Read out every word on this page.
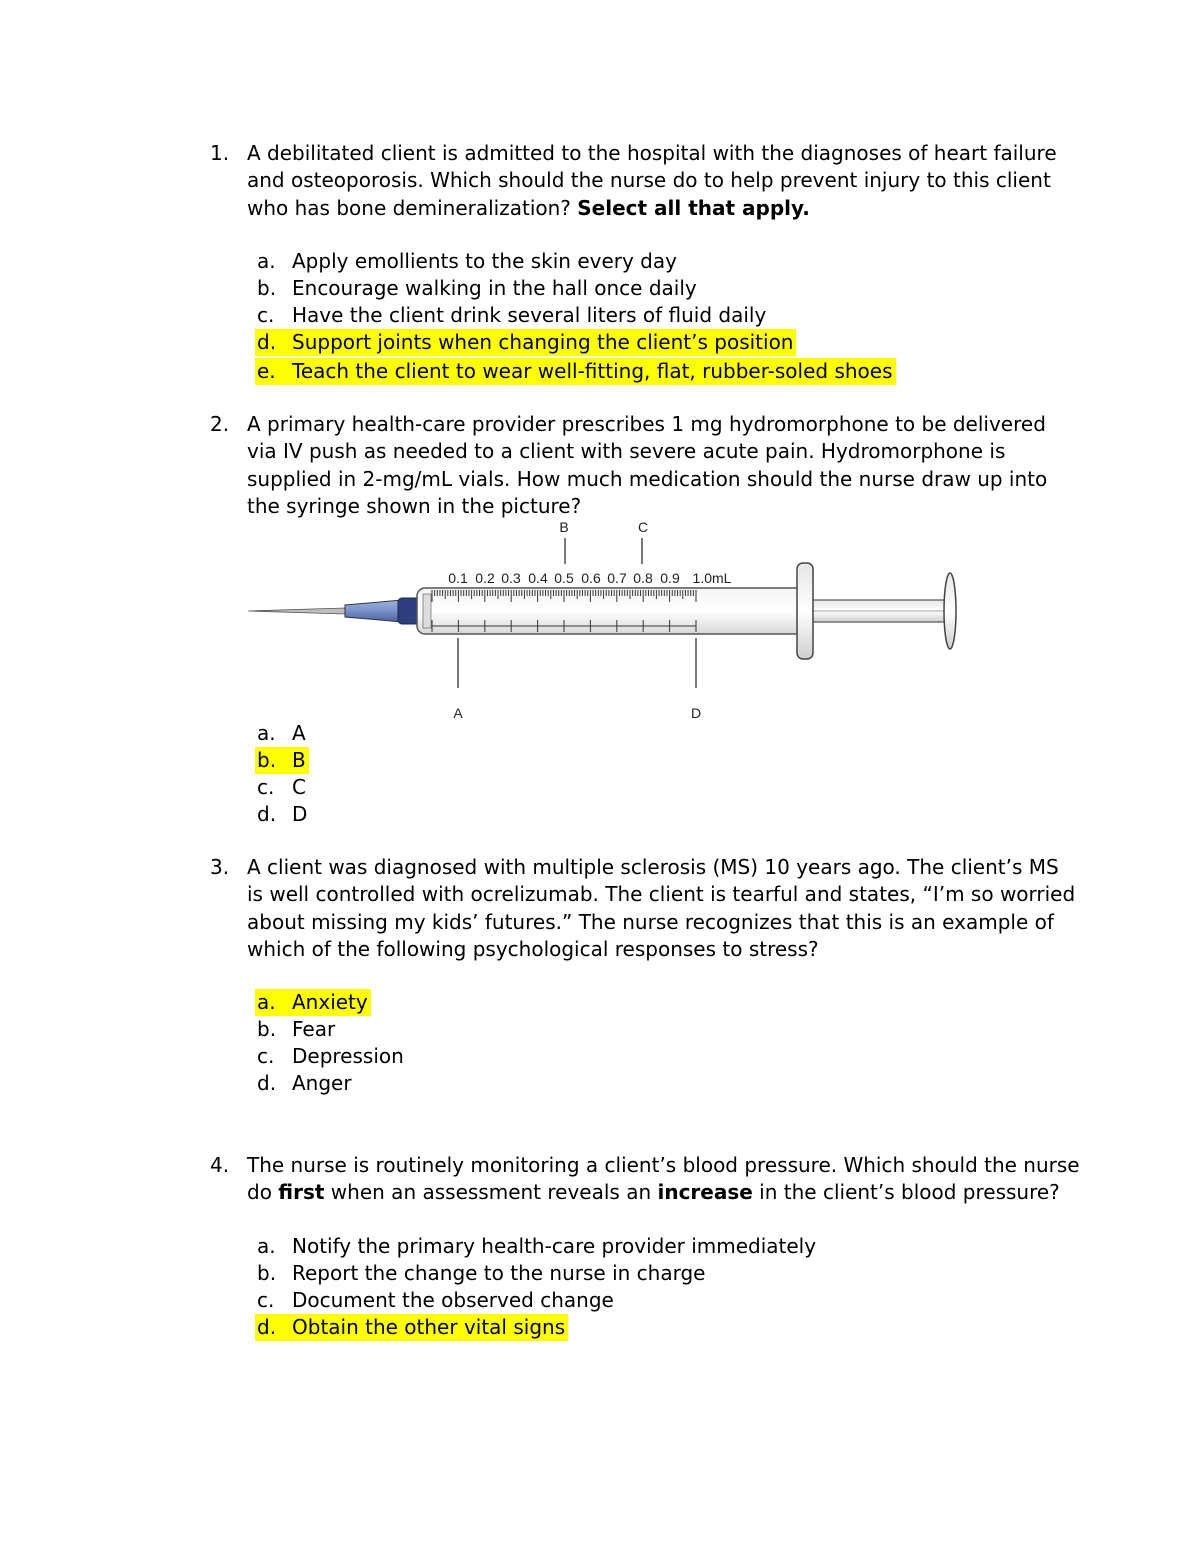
1. A debilitated client is admitted to the hospital with the diagnoses of heart failure and osteoporosis. Which should the nurse do to help prevent injury to this client who has bone demineralization? Select all that apply.
a. Apply emollients to the skin every day
b. Encourage walking in the hall once daily
c. Have the client drink several liters of fluid daily
d. Support joints when changing the client’s position
e. Teach the client to wear well-fitting, flat, rubber-soled shoes
2. A primary health-care provider prescribes 1 mg hydromorphone to be delivered via IV push as needed to a client with severe acute pain. Hydromorphone is supplied in 2-mg/mL vials. How much medication should the nurse draw up into the syringe shown in the picture?
0.1 0.2 0.3 0.4 0.5 0.6 0.7 0.8 0.9 1.0mL
B	C
A	D
a. A
b. B
c. C
d. D
3. A client was diagnosed with multiple sclerosis (MS) 10 years ago. The client’s MS is well controlled with ocrelizumab. The client is tearful and states, “I’m so worried about missing my kids’ futures.” The nurse recognizes that this is an example of which of the following psychological responses to stress?
a. Anxiety
b. Fear
c. Depression
d. Anger
4. The nurse is routinely monitoring a client’s blood pressure. Which should the nurse do first when an assessment reveals an increase in the client’s blood pressure?
a. Notify the primary health-care provider immediately
b. Report the change to the nurse in charge
c. Document the observed change
d. Obtain the other vital signs
